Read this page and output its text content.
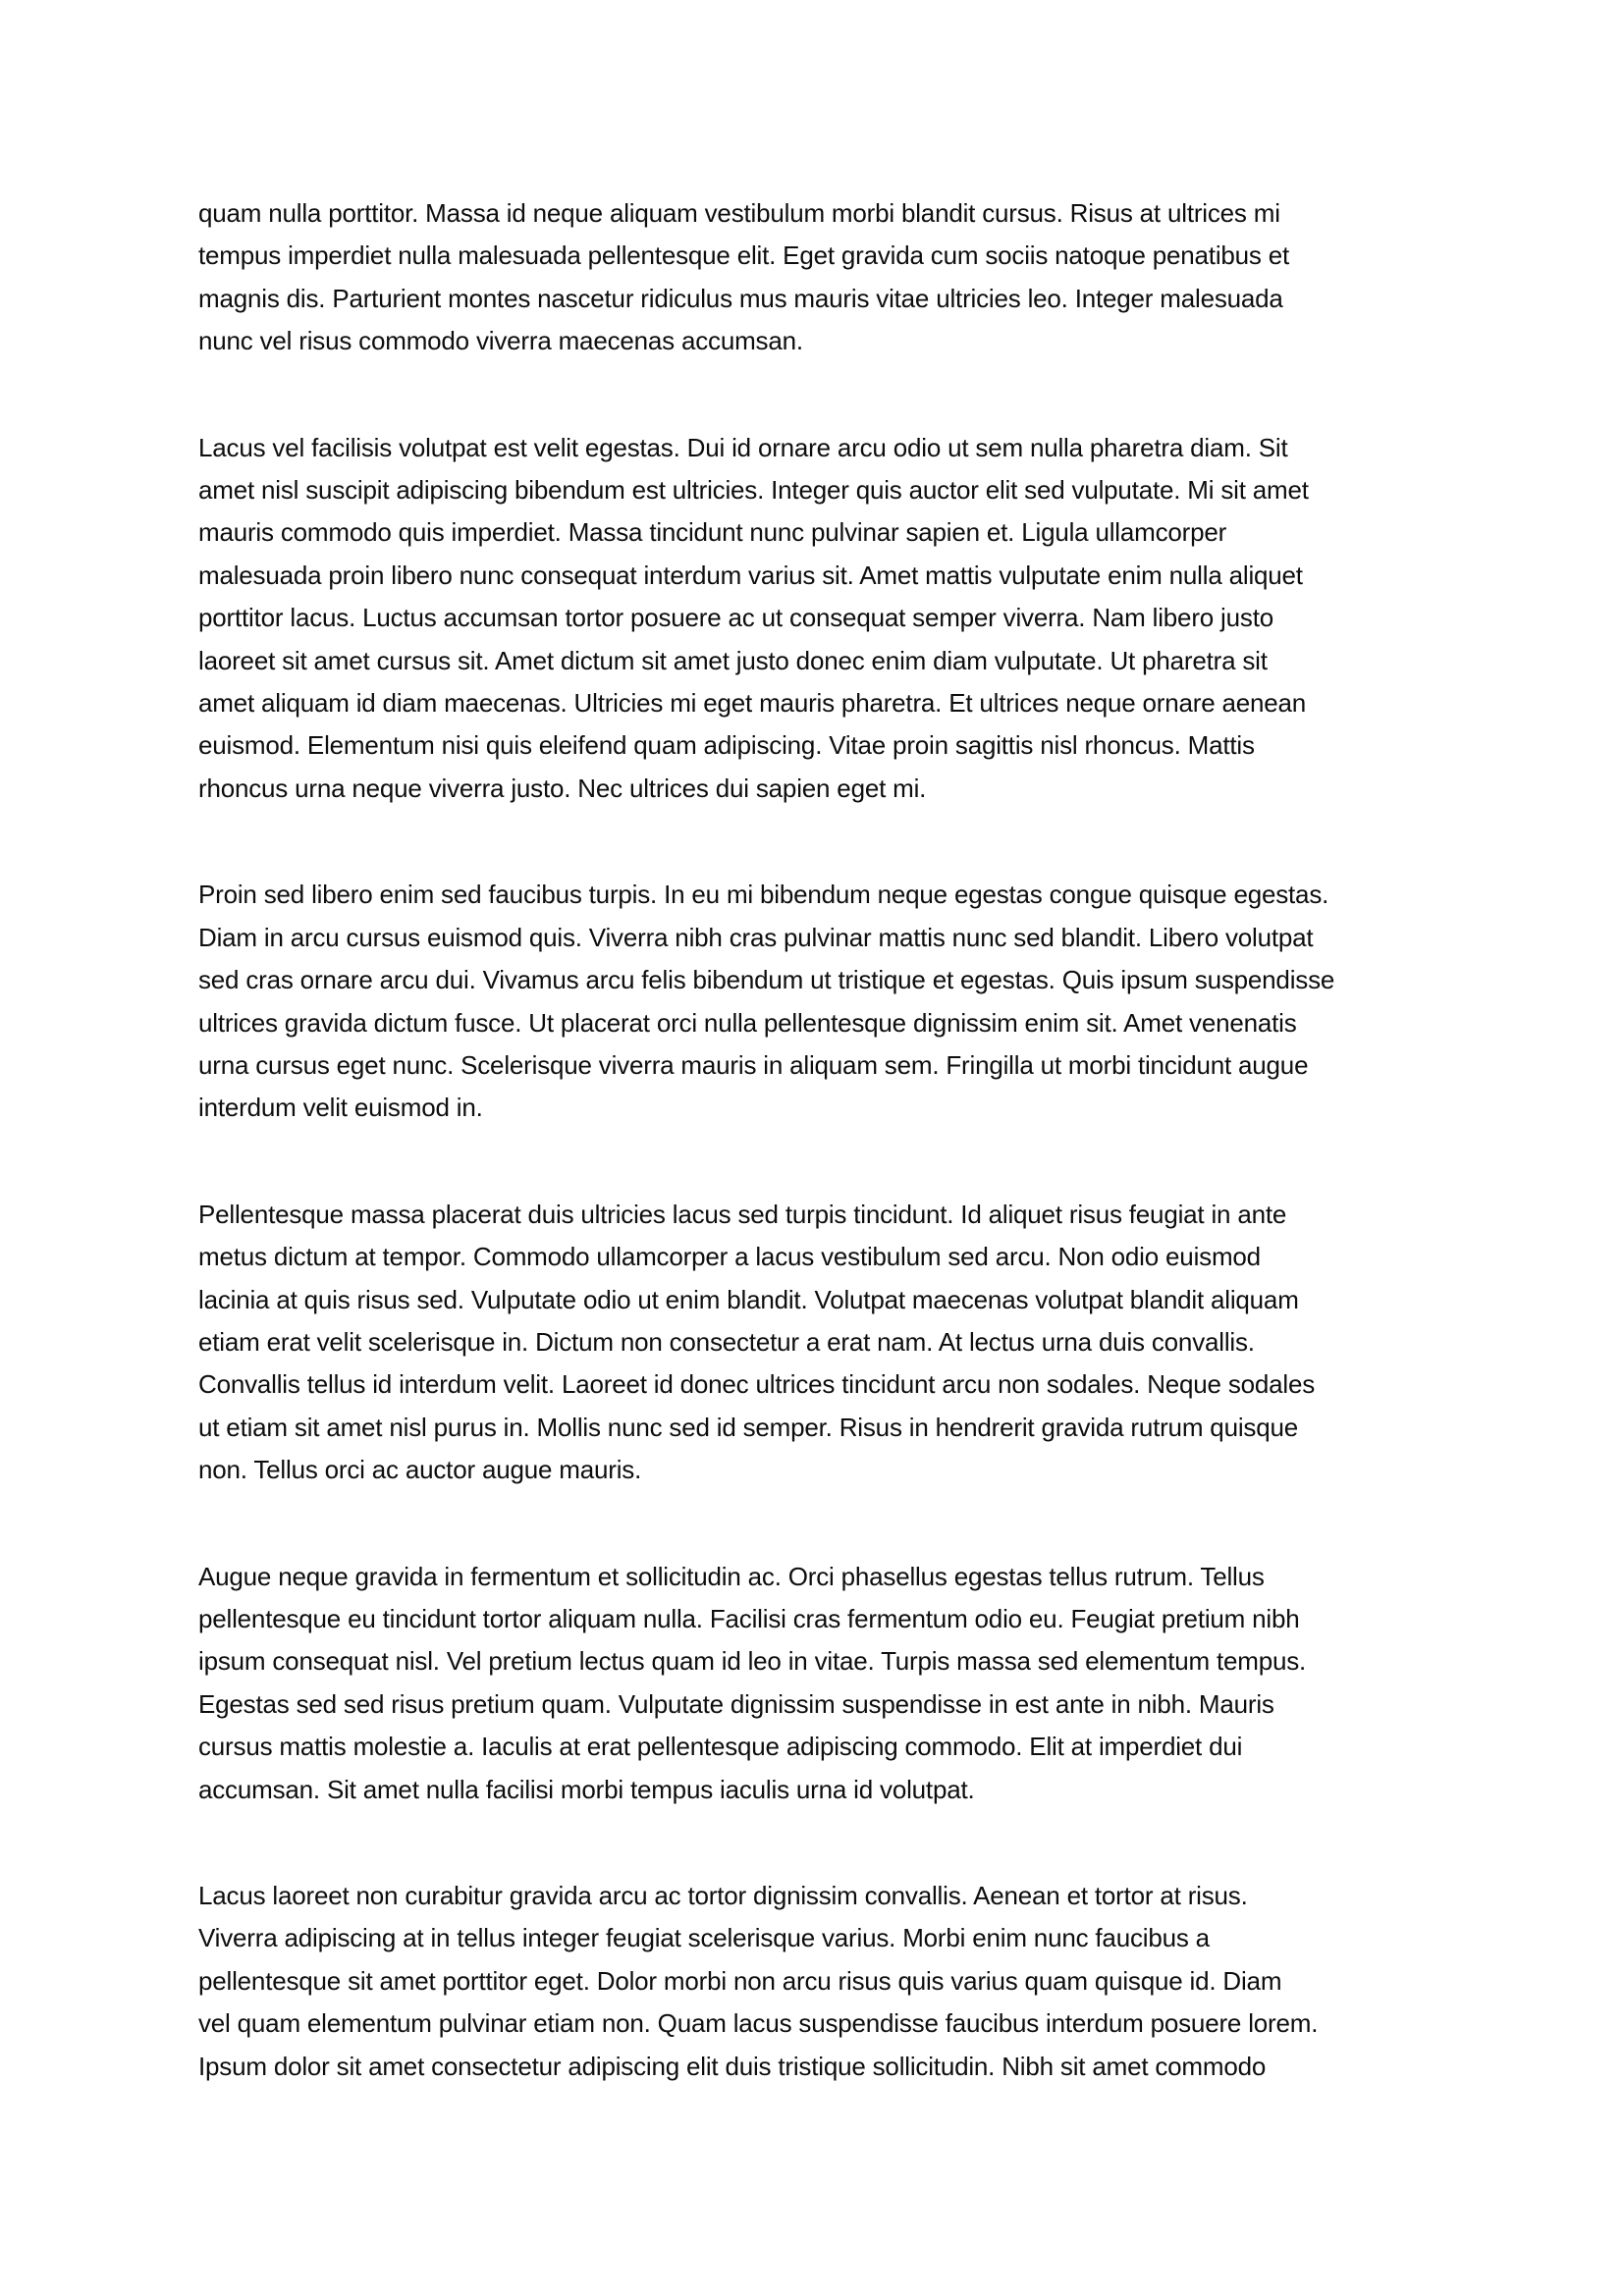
quam nulla porttitor. Massa id neque aliquam vestibulum morbi blandit cursus. Risus at ultrices mi
tempus imperdiet nulla malesuada pellentesque elit. Eget gravida cum sociis natoque penatibus et
magnis dis. Parturient montes nascetur ridiculus mus mauris vitae ultricies leo. Integer malesuada
nunc vel risus commodo viverra maecenas accumsan.

Lacus vel facilisis volutpat est velit egestas. Dui id ornare arcu odio ut sem nulla pharetra diam. Sit
amet nisl suscipit adipiscing bibendum est ultricies. Integer quis auctor elit sed vulputate. Mi sit amet
mauris commodo quis imperdiet. Massa tincidunt nunc pulvinar sapien et. Ligula ullamcorper
malesuada proin libero nunc consequat interdum varius sit. Amet mattis vulputate enim nulla aliquet
porttitor lacus. Luctus accumsan tortor posuere ac ut consequat semper viverra. Nam libero justo
laoreet sit amet cursus sit. Amet dictum sit amet justo donec enim diam vulputate. Ut pharetra sit
amet aliquam id diam maecenas. Ultricies mi eget mauris pharetra. Et ultrices neque ornare aenean
euismod. Elementum nisi quis eleifend quam adipiscing. Vitae proin sagittis nisl rhoncus. Mattis
rhoncus urna neque viverra justo. Nec ultrices dui sapien eget mi.

Proin sed libero enim sed faucibus turpis. In eu mi bibendum neque egestas congue quisque egestas.
Diam in arcu cursus euismod quis. Viverra nibh cras pulvinar mattis nunc sed blandit. Libero volutpat
sed cras ornare arcu dui. Vivamus arcu felis bibendum ut tristique et egestas. Quis ipsum suspendisse
ultrices gravida dictum fusce. Ut placerat orci nulla pellentesque dignissim enim sit. Amet venenatis
urna cursus eget nunc. Scelerisque viverra mauris in aliquam sem. Fringilla ut morbi tincidunt augue
interdum velit euismod in.

Pellentesque massa placerat duis ultricies lacus sed turpis tincidunt. Id aliquet risus feugiat in ante
metus dictum at tempor. Commodo ullamcorper a lacus vestibulum sed arcu. Non odio euismod
lacinia at quis risus sed. Vulputate odio ut enim blandit. Volutpat maecenas volutpat blandit aliquam
etiam erat velit scelerisque in. Dictum non consectetur a erat nam. At lectus urna duis convallis.
Convallis tellus id interdum velit. Laoreet id donec ultrices tincidunt arcu non sodales. Neque sodales
ut etiam sit amet nisl purus in. Mollis nunc sed id semper. Risus in hendrerit gravida rutrum quisque
non. Tellus orci ac auctor augue mauris.

Augue neque gravida in fermentum et sollicitudin ac. Orci phasellus egestas tellus rutrum. Tellus
pellentesque eu tincidunt tortor aliquam nulla. Facilisi cras fermentum odio eu. Feugiat pretium nibh
ipsum consequat nisl. Vel pretium lectus quam id leo in vitae. Turpis massa sed elementum tempus.
Egestas sed sed risus pretium quam. Vulputate dignissim suspendisse in est ante in nibh. Mauris
cursus mattis molestie a. Iaculis at erat pellentesque adipiscing commodo. Elit at imperdiet dui
accumsan. Sit amet nulla facilisi morbi tempus iaculis urna id volutpat.

Lacus laoreet non curabitur gravida arcu ac tortor dignissim convallis. Aenean et tortor at risus.
Viverra adipiscing at in tellus integer feugiat scelerisque varius. Morbi enim nunc faucibus a
pellentesque sit amet porttitor eget. Dolor morbi non arcu risus quis varius quam quisque id. Diam
vel quam elementum pulvinar etiam non. Quam lacus suspendisse faucibus interdum posuere lorem.
Ipsum dolor sit amet consectetur adipiscing elit duis tristique sollicitudin. Nibh sit amet commodo
